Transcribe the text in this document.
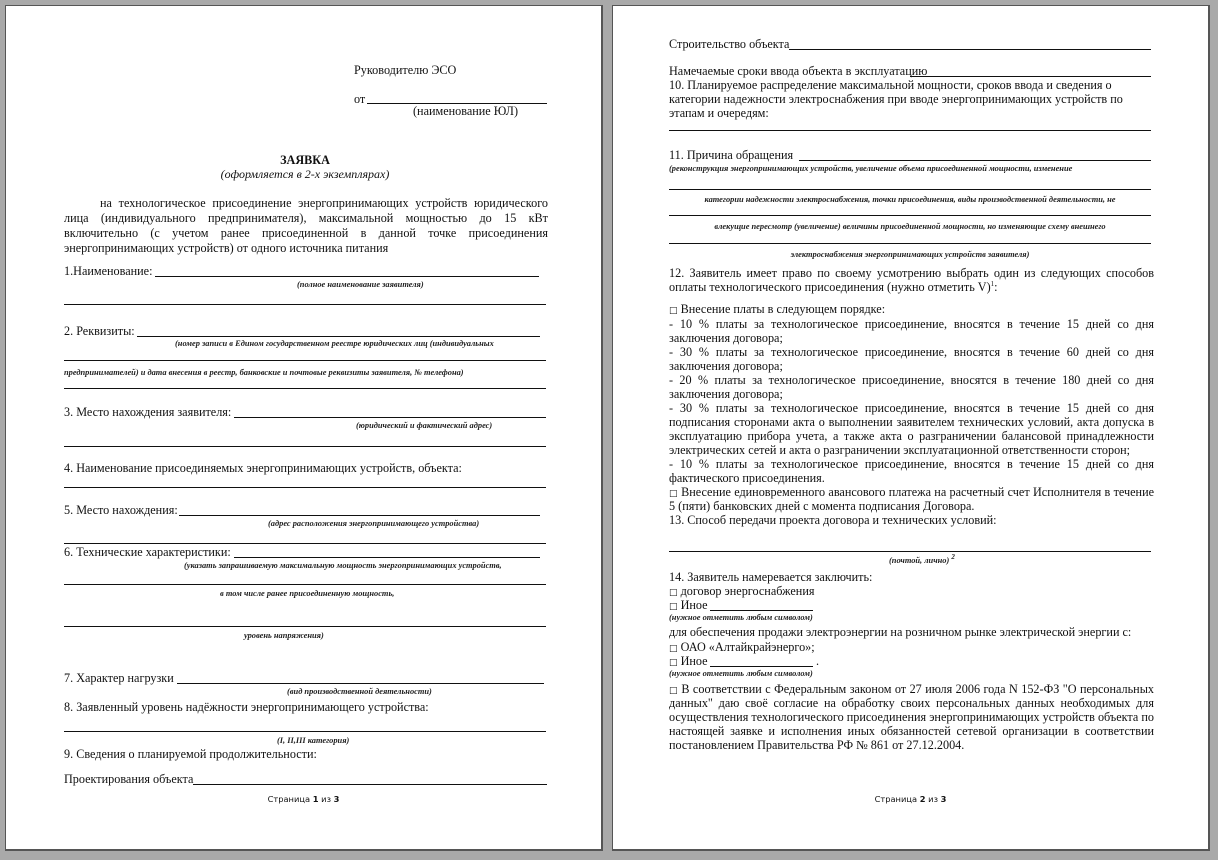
Руководителю ЭСО
от
(наименование ЮЛ)
ЗАЯВКА
(оформляется в 2-х экземплярах)
на технологическое присоединение энергопринимающих устройств юридического
лица (индивидуального предпринимателя), максимальной мощностью до 15 кВт
включительно (с учетом ранее присоединенной в данной точке присоединения
энергопринимающих устройств) от одного источника питания
1.Наименование:
(полное наименование заявителя)
2. Реквизиты:
(номер записи в Едином государственном реестре юридических лиц (индивидуальных
предпринимателей) и дата внесения в реестр, банковские и почтовые реквизиты заявителя, № телефона)
3. Место нахождения заявителя:
(юридический и фактический адрес)
4. Наименование присоединяемых энергопринимающих устройств, объекта:
5. Место нахождения:
(адрес расположения энергопринимающего устройства)
6. Технические характеристики:
(указать запрашиваемую максимальную мощность энергопринимающих устройств,
в том числе ранее присоединенную мощность,
уровень напряжения)
7. Характер нагрузки
(вид производственной деятельности)
8. Заявленный уровень надёжности энергопринимающего устройства:
(I, II,III категория)
9. Сведения о планируемой продолжительности:
Проектирования объекта
Страница 1 из 3
Строительство объекта
Намечаемые сроки ввода объекта в эксплуатацию
10. Планируемое распределение максимальной мощности, сроков ввода и сведения о
категории надежности электроснабжения при вводе энергопринимающих устройств по
этапам и очередям:
11. Причина обращения
(реконструкция энергопринимающих устройств, увеличение объема присоединенной мощности, изменение
категории надежности электроснабжения, точки присоединения, виды производственной деятельности, не
влекущие пересмотр (увеличение) величины присоединенной мощности, но изменяющие схему внешнего
электроснабжения энергопринимающих устройств заявителя)
12. Заявитель имеет право по своему усмотрению выбрать один из следующих способов
оплаты технологического присоединения (нужно отметить V)$^1$:
□ Внесение платы в следующем порядке:
- 10 % платы за технологическое присоединение, вносятся в течение 15 дней со дня
заключения договора;
- 30 % платы за технологическое присоединение, вносятся в течение 60 дней со дня
заключения договора;
- 20 % платы за технологическое присоединение, вносятся в течение 180 дней со дня
заключения договора;
- 30 % платы за технологическое присоединение, вносятся в течение 15 дней со дня
подписания сторонами акта о выполнении заявителем технических условий, акта допуска в
эксплуатацию прибора учета, а также акта о разграничении балансовой принадлежности
электрических сетей и акта о разграничении эксплуатационной ответственности сторон;
- 10 % платы за технологическое присоединение, вносятся в течение 15 дней со дня
фактического присоединения.
□ Внесение единовременного авансового платежа на расчетный счет Исполнителя в течение
5 (пяти) банковских дней с момента подписания Договора.
13. Способ передачи проекта договора и технических условий:
(почтой, лично) $^2$
14. Заявитель намеревается заключить:
□ договор энергоснабжения
□ Иное
(нужное отметить любым символом)
для обеспечения продажи электроэнергии на розничном рынке электрической энергии с:
□ ОАО «Алтайкрайэнерго»;
□ Иное	.
(нужное отметить любым символом)
□ В соответствии с Федеральным законом от 27 июля 2006 года N 152-ФЗ "О персональных
данных" даю своё согласие на обработку своих персональных данных необходимых для
осуществления технологического присоединения энергопринимающих устройств объекта по
настоящей заявке и исполнения иных обязанностей сетевой организации в соответствии
постановлением Правительства РФ № 861 от 27.12.2004.
Страница 2 из 3
